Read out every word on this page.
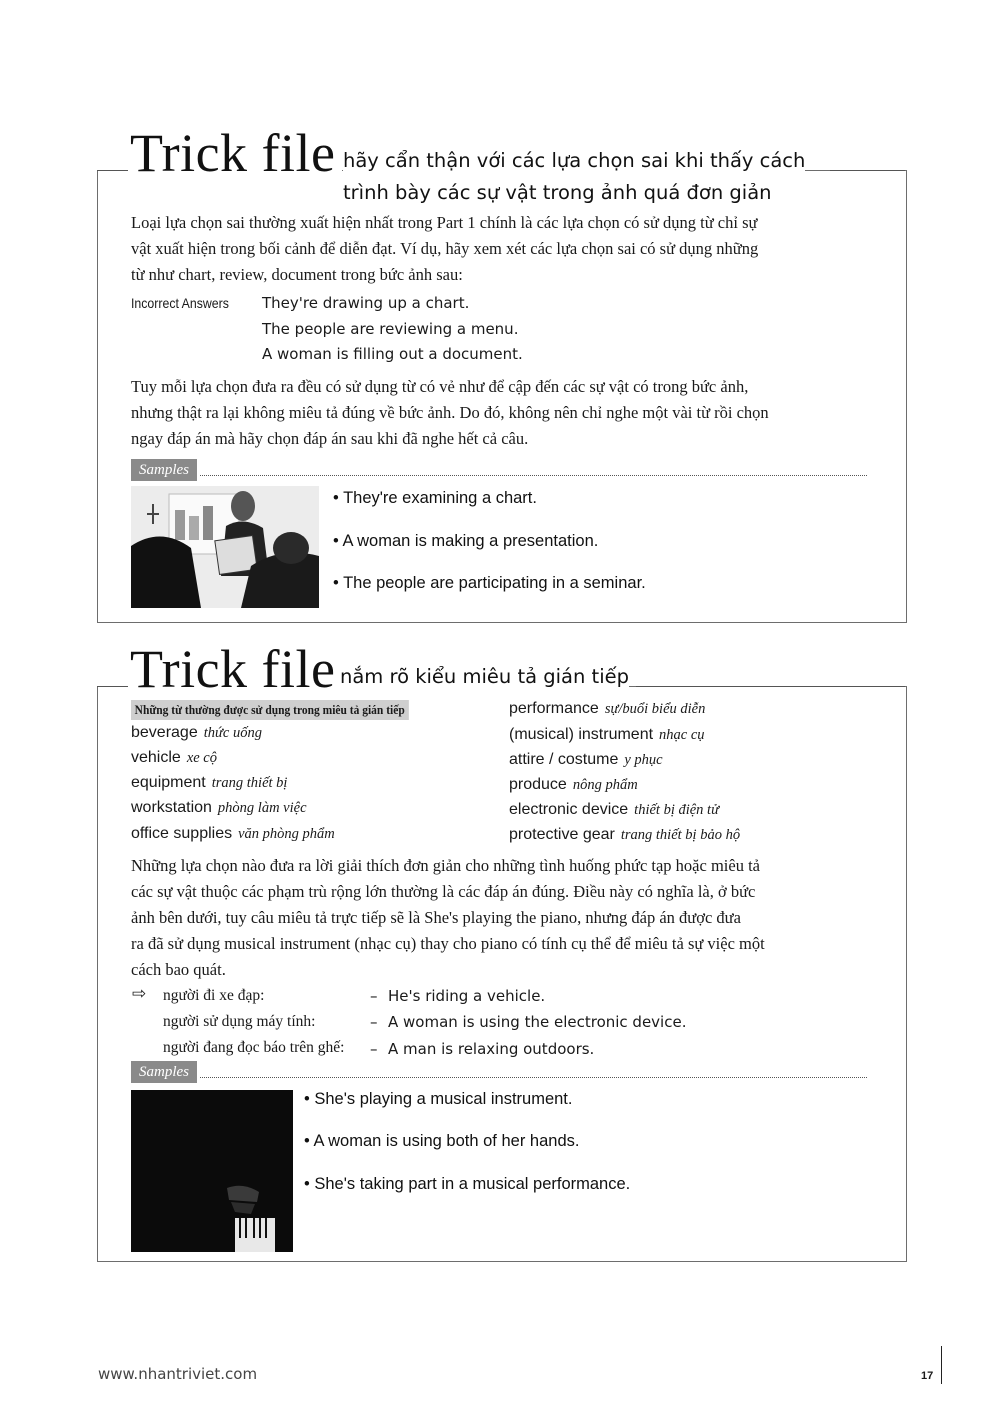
Trick file hãy cẩn thận với các lựa chọn sai khi thấy cách
trình bày các sự vật trong ảnh quá đơn giản
Loại lựa chọn sai thường xuất hiện nhất trong Part 1 chính là các lựa chọn có sử dụng từ chỉ sự
vật xuất hiện trong bối cảnh để diễn đạt. Ví dụ, hãy xem xét các lựa chọn sai có sử dụng những
từ như chart, review, document trong bức ảnh sau:
Incorrect Answers They're drawing up a chart.
The people are reviewing a menu.
A woman is filling out a document.
Tuy mỗi lựa chọn đưa ra đều có sử dụng từ có vẻ như để cập đến các sự vật có trong bức ảnh,
nhưng thật ra lại không miêu tả đúng về bức ảnh. Do đó, không nên chỉ nghe một vài từ rồi chọn
ngay đáp án mà hãy chọn đáp án sau khi đã nghe hết cả câu.
Samples
• They're examining a chart.
• A woman is making a presentation.
• The people are participating in a seminar.
Trick file nắm rõ kiểu miêu tả gián tiếp
Những từ thường được sử dụng trong miêu tả gián tiếp
beverage thức uống
vehicle xe cộ
equipment trang thiết bị
workstation phòng làm việc
office supplies văn phòng phẩm
performance sự/buổi biểu diễn
(musical) instrument nhạc cụ
attire / costume y phục
produce nông phẩm
electronic device thiết bị điện tử
protective gear trang thiết bị bảo hộ
Những lựa chọn nào đưa ra lời giải thích đơn giản cho những tình huống phức tạp hoặc miêu tả
các sự vật thuộc các phạm trù rộng lớn thường là các đáp án đúng. Điều này có nghĩa là, ở bức
ảnh bên dưới, tuy câu miêu tả trực tiếp sẽ là She's playing the piano, nhưng đáp án được đưa
ra đã sử dụng musical instrument (nhạc cụ) thay cho piano có tính cụ thể để miêu tả sự việc một
cách bao quát.
⇨ người đi xe đạp:
người sử dụng máy tính:
người đang đọc báo trên ghế:
–
–
–
He's riding a vehicle.
A woman is using the electronic device.
A man is relaxing outdoors.
Samples
• She's playing a musical instrument.
• A woman is using both of her hands.
• She's taking part in a musical performance.
www.nhantriviet.com	17
